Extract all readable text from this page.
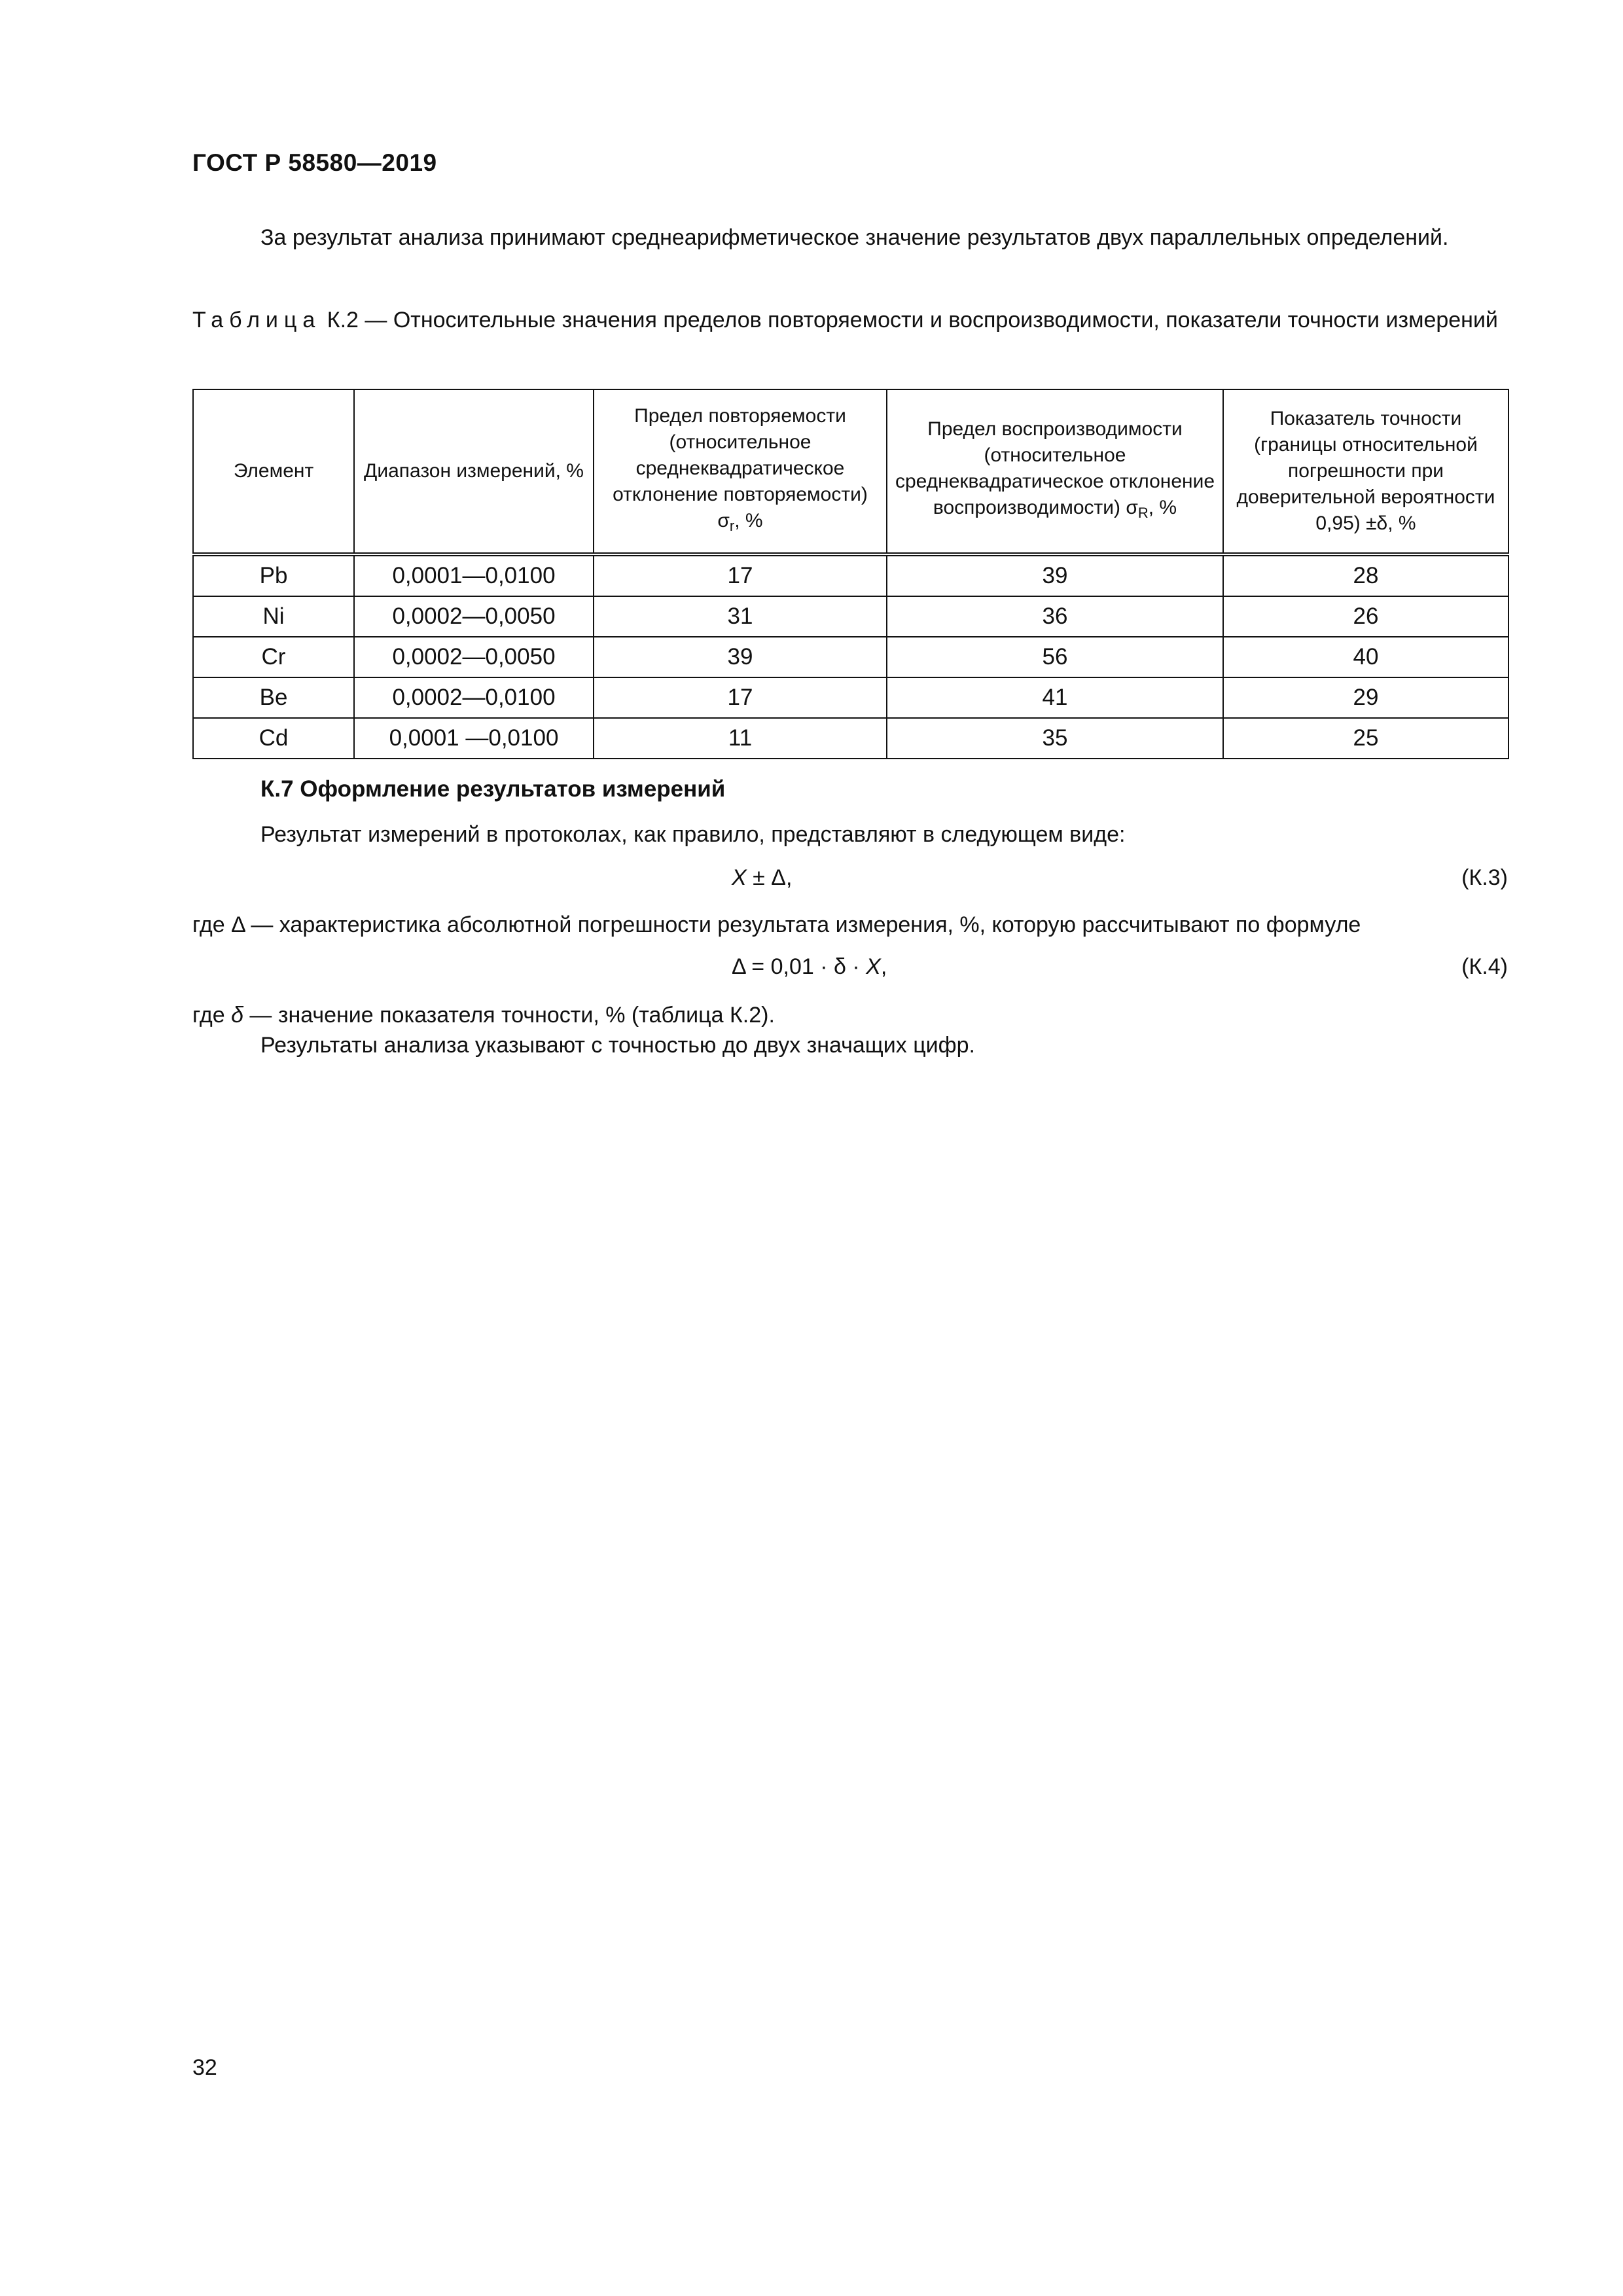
ГОСТ Р 58580—2019
За результат анализа принимают среднеарифметическое значение результатов двух параллельных определений.
Таблица К.2 — Относительные значения пределов повторяемости и воспроизводимости, показатели точности измерений
Элемент	Диапазон измерений, %	Предел повторяемости (относительное среднеквадратическое отклонение повторяемости) $\sigma_r$, %	Предел воспроизводимости (относительное среднеквадратическое отклонение воспроизводимости) $\sigma_R$, %	Показатель точности (границы относительной погрешности при доверительной вероятности 0,95) ±δ, %
Pb	0,0001—0,0100	17	39	28
Ni	0,0002—0,0050	31	36	26
Cr	0,0002—0,0050	39	56	40
Be	0,0002—0,0100	17	41	29
Cd	0,0001 —0,0100	11	35	25
К.7 Оформление результатов измерений
Результат измерений в протоколах, как правило, представляют в следующем виде:
X ± Δ,	(К.3)
где Δ — характеристика абсолютной погрешности результата измерения, %, которую рассчитывают по формуле
Δ = 0,01 · δ · X,	(К.4)
где δ — значение показателя точности, % (таблица К.2).
Результаты анализа указывают с точностью до двух значащих цифр.
32
